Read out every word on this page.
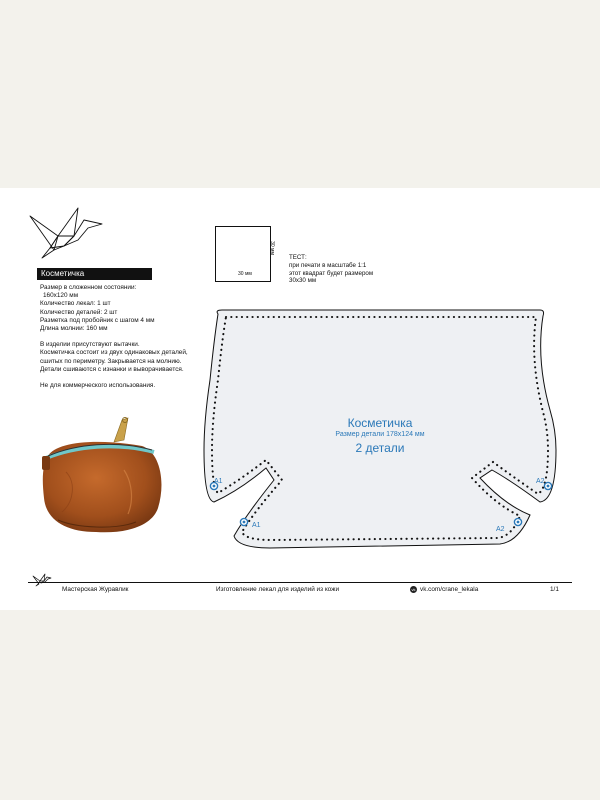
Косметичка
Размер в сложенном состоянии:
160х120 мм
Количество лекал: 1 шт
Количество деталей: 2 шт
Разметка под пробойник с шагом 4 мм
Длина молнии: 160 мм
В изделии присутствуют вытачки.
Косметичка состоит из двух одинаковых деталей,
сшитых по периметру. Закрывается на молнию.
Детали сшиваются с изнанки и выворачивается.
Не для коммерческого использования.
30 мм
30 мм
ТЕСТ:
при печати в масштабе 1:1
этот квадрат будет размером
30х30 мм
Косметичка
Размер детали 178х124 мм
2 детали
A1
A1
A2
A2
Мастерская Журавлик	Изготовление лекал для изделий из кожи	vk vk.com/crane_lekala	1/1
